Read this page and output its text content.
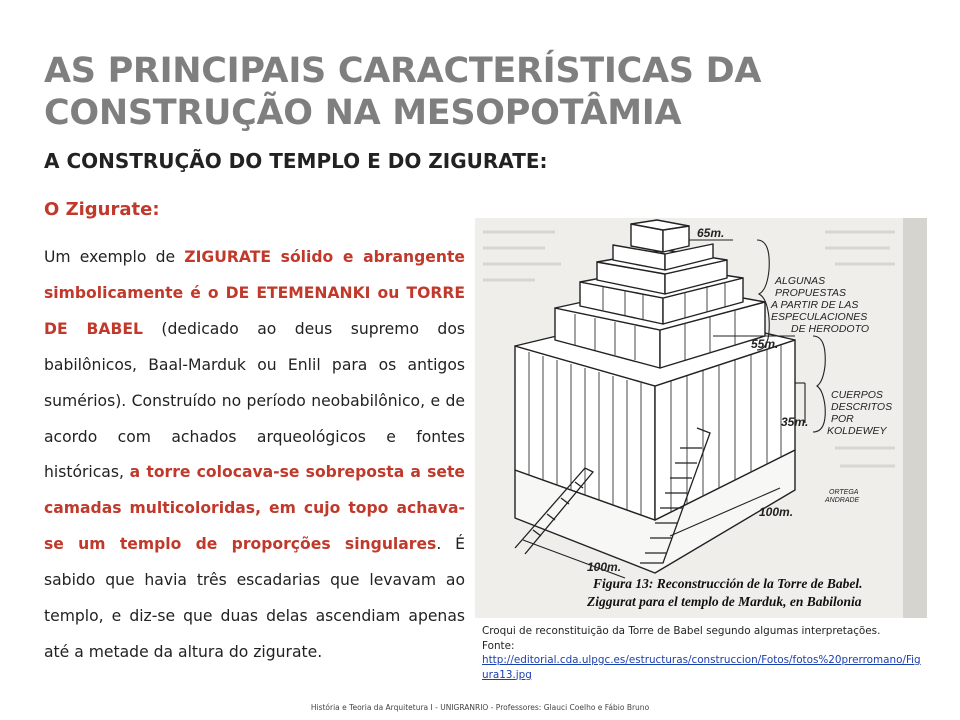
AS PRINCIPAIS CARACTERÍSTICAS DA
CONSTRUÇÃO NA MESOPOTÂMIA
A CONSTRUÇÃO DO TEMPLO E DO ZIGURATE:
O Zigurate:

Um exemplo de ZIGURATE sólido e abrangente simbolicamente é o DE ETEMENANKI ou TORRE DE BABEL (dedicado ao deus supremo dos babilônicos, Baal-Marduk ou Enlil para os antigos sumérios). Construído no período neobabilônico, e de acordo com achados arqueológicos e fontes históricas, a torre colocava-se sobreposta a sete camadas multicoloridas, em cujo topo achava-se um templo de proporções singulares. É sabido que havia três escadarias que levavam ao templo, e diz-se que duas delas ascendiam apenas até a metade da altura do zigurate.

65m.
55m.
35m.
100m.
100m.
ALGUNAS
PROPUESTAS
A PARTIR DE LAS
ESPECULACIONES
DE HERODOTO
CUERPOS
DESCRITOS
POR
KOLDEWEY
ORTEGA
ANDRADE
Figura 13: Reconstrucción de la Torre de Babel.
Ziggurat para el templo de Marduk, en Babilonia
Croqui de reconstituição da Torre de Babel segundo algumas interpretações.
Fonte:
http://editorial.cda.ulpgc.es/estructuras/construccion/Fotos/fotos%20prerromano/Figura13.jpg
História e Teoria da Arquitetura I - UNIGRANRIO - Professores: Glauci Coelho e Fábio Bruno
